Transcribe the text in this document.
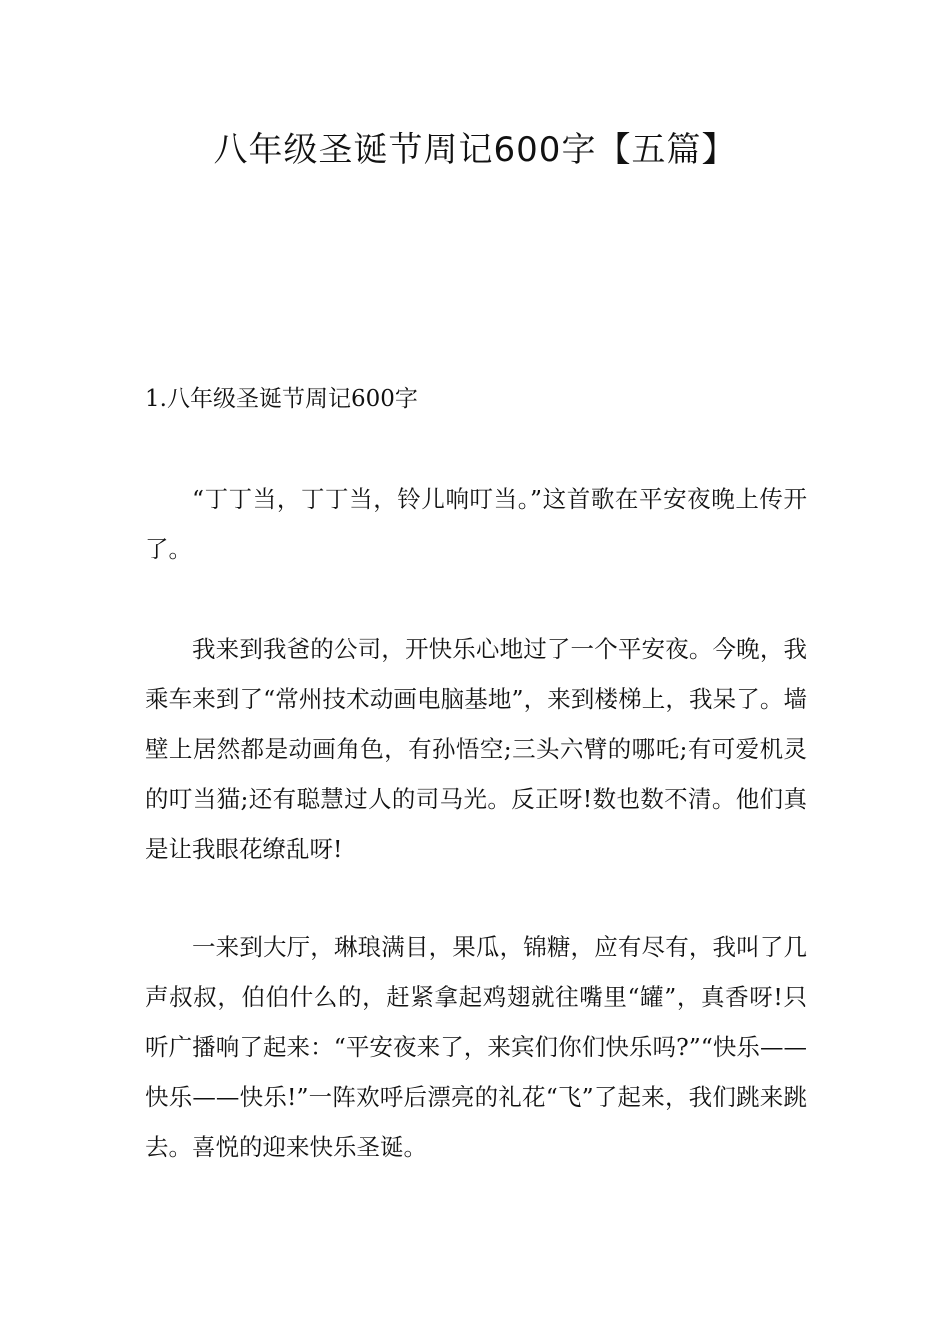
八年级圣诞节周记600字【五篇】
1.八年级圣诞节周记600字

“丁丁当，丁丁当，铃儿响叮当。”这首歌在平安夜晚上传开了。

我来到我爸的公司，开快乐心地过了一个平安夜。今晚，我乘车来到了“常州技术动画电脑基地”，来到楼梯上，我呆了。墙壁上居然都是动画角色，有孙悟空;三头六臂的哪吒;有可爱机灵的叮当猫;还有聪慧过人的司马光。反正呀!数也数不清。他们真是让我眼花缭乱呀!

一来到大厅，琳琅满目，果瓜，锦糖，应有尽有，我叫了几声叔叔，伯伯什么的，赶紧拿起鸡翅就往嘴里“罐”，真香呀!只听广播响了起来：“平安夜来了，来宾们你们快乐吗?”“快乐——快乐——快乐!”一阵欢呼后漂亮的礼花“飞”了起来，我们跳来跳去。喜悦的迎来快乐圣诞。
